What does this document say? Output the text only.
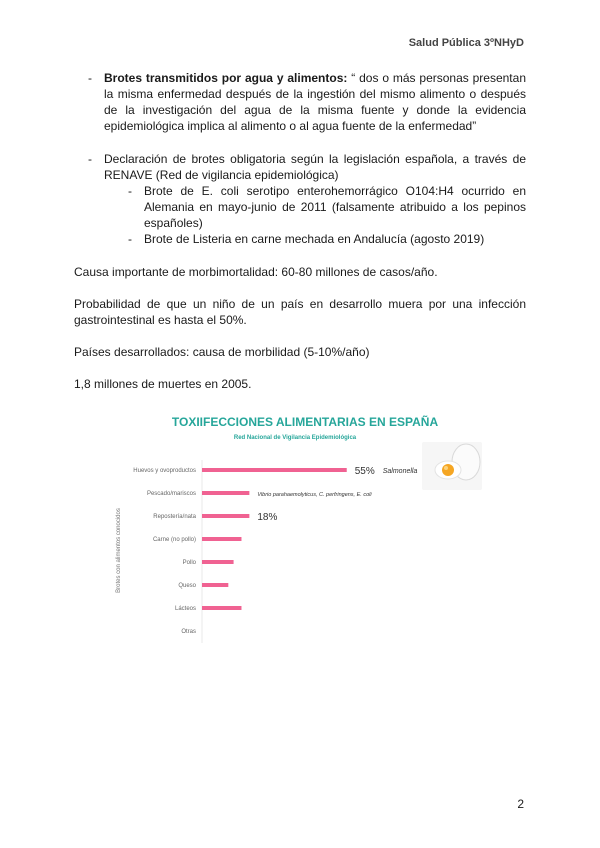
Salud Pública 3ºNHyD
- Brotes transmitidos por agua y alimentos: “ dos o más personas presentan la misma enfermedad después de la ingestión del mismo alimento o después de la investigación del agua de la misma fuente y donde la evidencia epidemiológica implica al alimento o al agua fuente de la enfermedad”
- Declaración de brotes obligatoria según la legislación española, a través de RENAVE (Red de vigilancia epidemiológica)
- Brote de E. coli serotipo enterohemorrágico O104:H4 ocurrido en Alemania en mayo-junio de 2011 (falsamente atribuido a los pepinos españoles)
- Brote de Listeria en carne mechada en Andalucía (agosto 2019)
Causa importante de morbimortalidad: 60-80 millones de casos/año.
Probabilidad de que un niño de un país en desarrollo muera por una infección gastrointestinal es hasta el 50%.
Países desarrollados: causa de morbilidad (5-10%/año)
1,8 millones de muertes en 2005.
TOXIIFECCIONES ALIMENTARIAS EN ESPAÑA
Red Nacional de Vigilancia Epidemiológica
Brotes con alimentos conocidos
Huevos y ovoproductos
Pescado/mariscos
Repostería/nata
Carne (no pollo)
Pollo
Queso
Lácteos
Otras
55% Salmonella
Vibrio parahaemolyticus, C. perfringens, E. coli
18%
2
